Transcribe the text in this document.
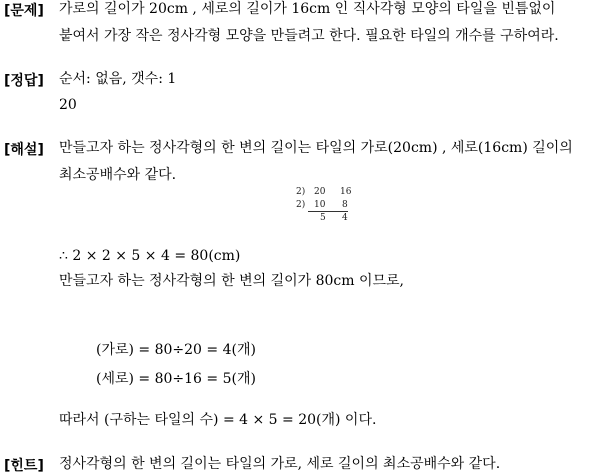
[문제] 가로의 길이가 20cm , 세로의 길이가 16cm 인 직사각형 모양의 타일을 빈틈없이
붙여서 가장 작은 정사각형 모양을 만들려고 한다. 필요한 타일의 개수를 구하여라.
[정답] 순서: 없음, 갯수: 1
20
[해설] 만들고자 하는 정사각형의 한 변의 길이는 타일의 가로(20cm) , 세로(16cm) 길이의
최소공배수와 같다.
2) 20 16
2) 10 8
5 4
∴ 2 × 2 × 5 × 4 = 80(cm)
만들고자 하는 정사각형의 한 변의 길이가 80cm 이므로,
(가로) = 80÷20 = 4(개)
(세로) = 80÷16 = 5(개)
따라서 (구하는 타일의 수) = 4 × 5 = 20(개) 이다.
[힌트] 정사각형의 한 변의 길이는 타일의 가로, 세로 길이의 최소공배수와 같다.
